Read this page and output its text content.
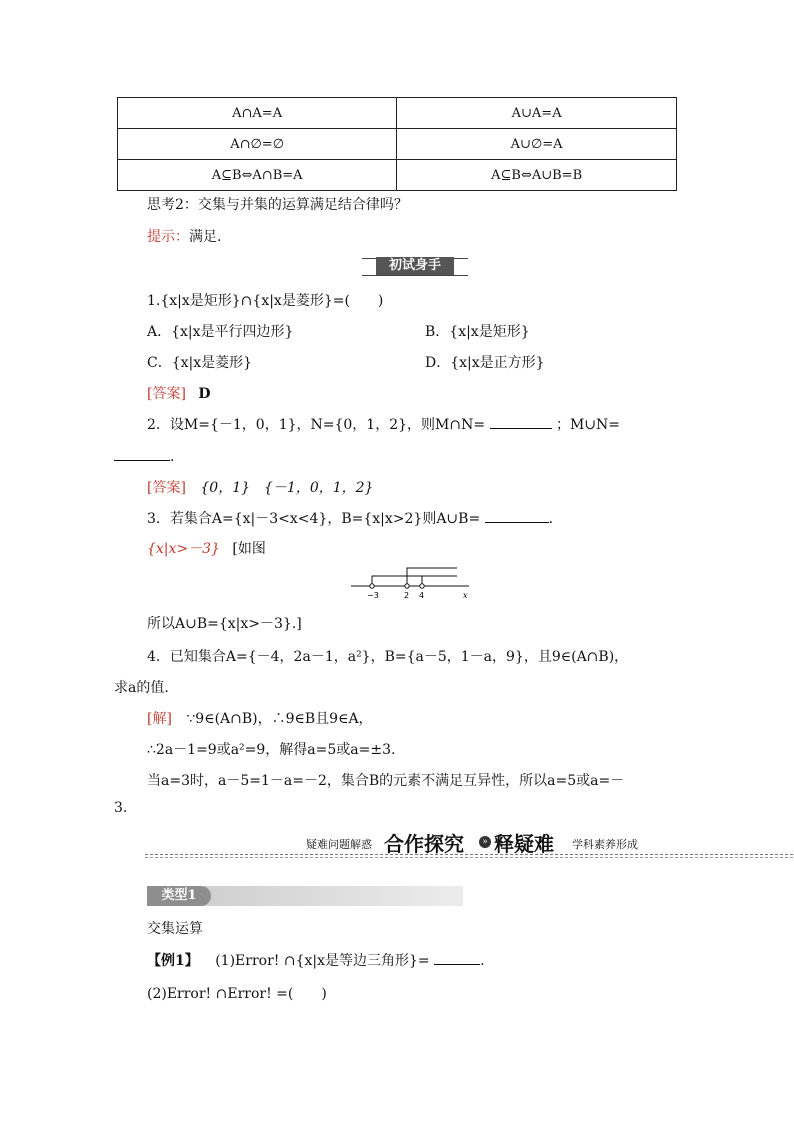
A∩A=A	A∪A=A
A∩∅=∅	A∪∅=A
A⊆B⇔A∩B=A	A⊆B⇔A∪B=B
思考2：交集与并集的运算满足结合律吗？
提示：满足.
初试身手
1.{x|x是矩形}∩{x|x是菱形}=(　　)
A．{x|x是平行四边形}	B．{x|x是矩形}
C．{x|x是菱形}	D．{x|x是正方形}
[答案] D
2．设M={－1，0，1}，N={0，1，2}，则M∩N=	；M∪N=
.
[答案] {0，1}　{－1，0，1，2}
3．若集合A={x|－3<x<4}，B={x|x>2}则A∪B=	.
{x|x>－3} [如图
−3	2 4	x
所以A∪B={x|x>－3}.]
4．已知集合A={－4，2a－1，a²}，B={a－5，1－a，9}，且9∈(A∩B)，
求a的值.
[解] ∵9∈(A∩B)，∴9∈B且9∈A，
∴2a－1=9或a²=9，解得a=5或a=±3.
当a=3时，a－5=1－a=－2，集合B的元素不满足互异性，所以a=5或a=－
3.
疑难问题解惑 合作探究	» 释疑难 学科素养形成
类型1
交集运算
【例1】 (1)Error! ∩{x|x是等边三角形}=	.
(2)Error! ∩Error! =(　　)
